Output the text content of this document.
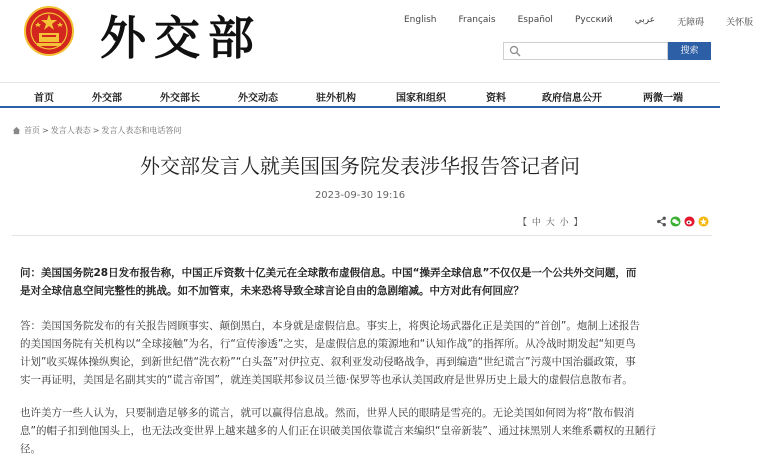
外交部	English Français Español Русский عربي 无障碍 关怀版
搜索
首页	外交部	外交部长	外交动态	驻外机构	国家和组织	资料	政府信息公开	两微一端
首页 > 发言人表态 > 发言人表态和电话答问
外交部发言人就美国国务院发表涉华报告答记者问
2023-09-30 19:16
【 中 大 小 】
问：美国国务院28日发布报告称，中国正斥资数十亿美元在全球散布虚假信息。中国“操弄全球信息”不仅仅是一个公共外交问题，而
是对全球信息空间完整性的挑战。如不加管束，未来恐将导致全球言论自由的急剧缩减。中方对此有何回应？
答：美国国务院发布的有关报告罔顾事实、颠倒黑白，本身就是虚假信息。事实上，将舆论场武器化正是美国的“首创”。炮制上述报告
的美国国务院有关机构以“全球接触”为名，行“宣传渗透”之实，是虚假信息的策源地和“认知作战”的指挥所。从冷战时期发起“知更鸟
计划”收买媒体操纵舆论，到新世纪借“洗衣粉”“白头盔”对伊拉克、叙利亚发动侵略战争，再到编造“世纪谎言”污蔑中国治疆政策，事
实一再证明，美国是名副其实的“谎言帝国”，就连美国联邦参议员兰德·保罗等也承认美国政府是世界历史上最大的虚假信息散布者。
也许美方一些人认为，只要制造足够多的谎言，就可以赢得信息战。然而，世界人民的眼睛是雪亮的。无论美国如何罔为将“散布假消
息”的帽子扣到他国头上，也无法改变世界上越来越多的人们正在识破美国依靠谎言来编织“皇帝新装”、通过抹黑别人来维系霸权的丑陋行
径。
